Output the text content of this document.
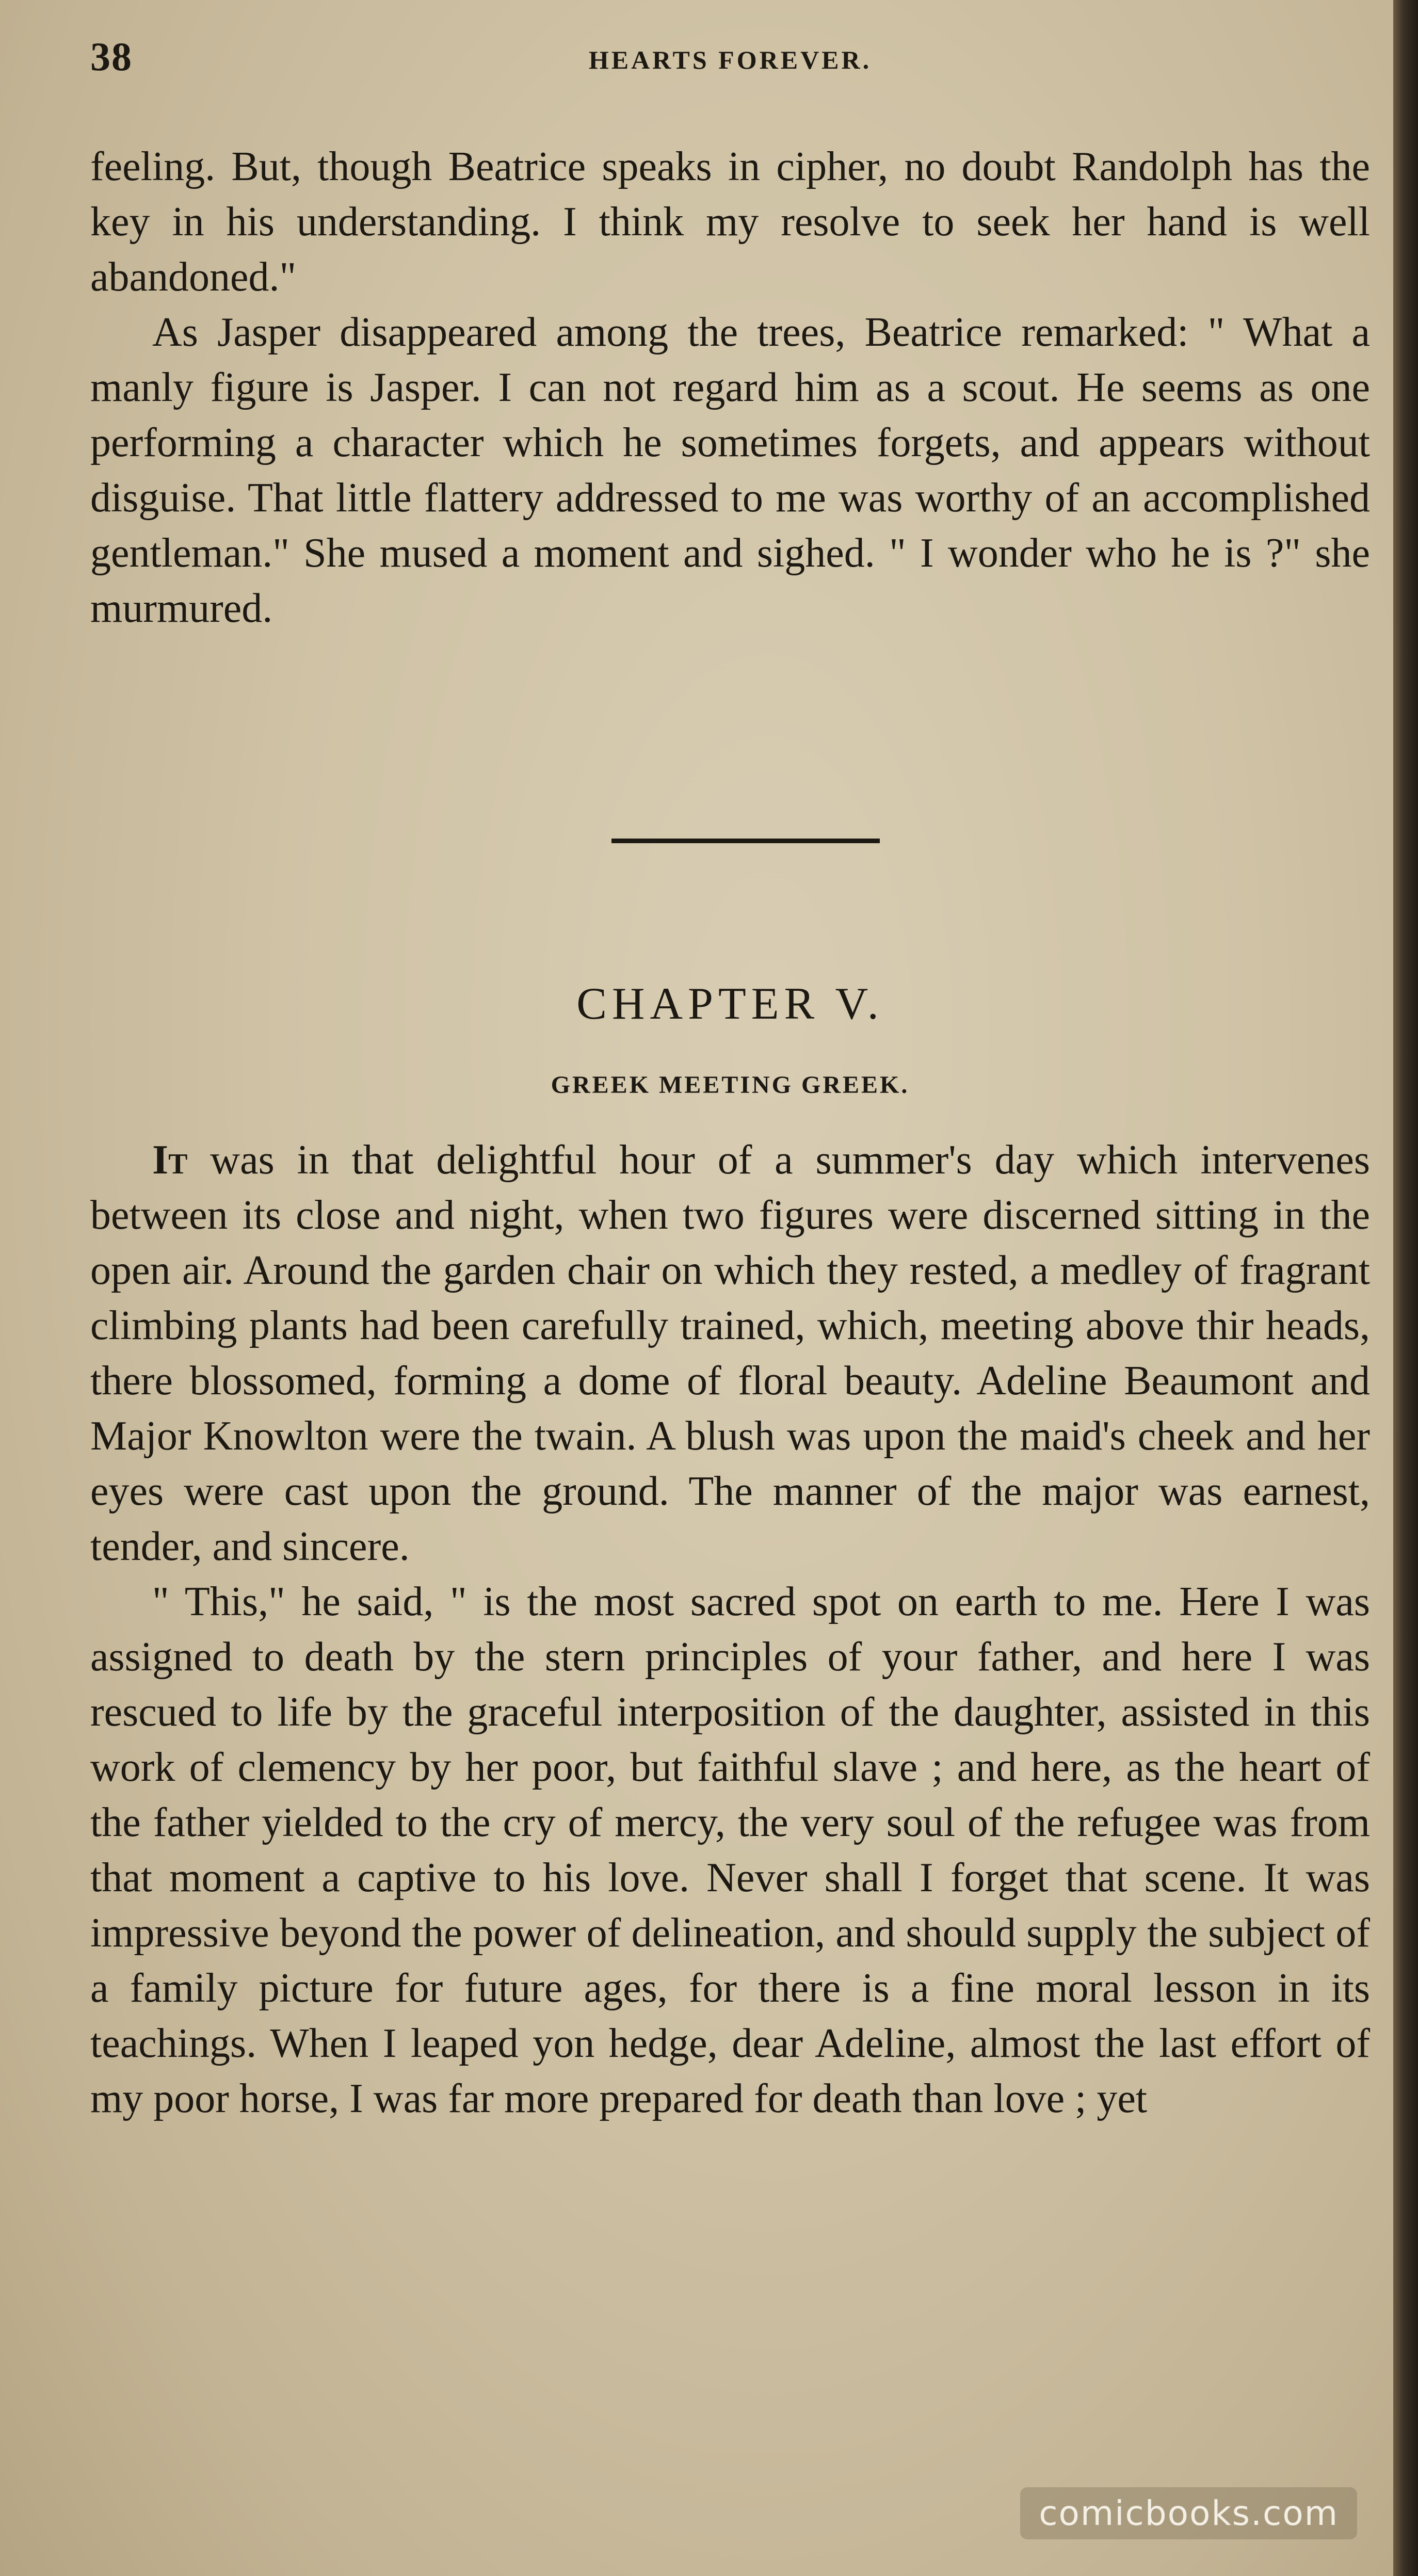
38	HEARTS FOREVER.

feeling. But, though Beatrice speaks in cipher, no doubt Randolph has the key in his understanding. I think my resolve to seek her hand is well abandoned."

As Jasper disappeared among the trees, Beatrice remarked: " What a manly figure is Jasper. I can not regard him as a scout. He seems as one performing a character which he sometimes forgets, and appears without disguise. That little flattery addressed to me was worthy of an accomplished gentleman." She mused a moment and sighed. " I wonder who he is ?" she murmured.

CHAPTER V.
GREEK MEETING GREEK.

It was in that delightful hour of a summer's day which intervenes between its close and night, when two figures were discerned sitting in the open air. Around the garden chair on which they rested, a medley of fragrant climbing plants had been carefully trained, which, meeting above thir heads, there blossomed, forming a dome of floral beauty. Adeline Beaumont and Major Knowlton were the twain. A blush was upon the maid's cheek and her eyes were cast upon the ground. The manner of the major was earnest, tender, and sincere.

" This," he said, " is the most sacred spot on earth to me. Here I was assigned to death by the stern principles of your father, and here I was rescued to life by the graceful interposition of the daughter, assisted in this work of clemency by her poor, but faithful slave ; and here, as the heart of the father yielded to the cry of mercy, the very soul of the refugee was from that moment a captive to his love. Never shall I forget that scene. It was impressive beyond the power of delineation, and should supply the subject of a family picture for future ages, for there is a fine moral lesson in its teachings. When I leaped yon hedge, dear Adeline, almost the last effort of my poor horse, I was far more prepared for death than love ; yet

comicbooks.com
